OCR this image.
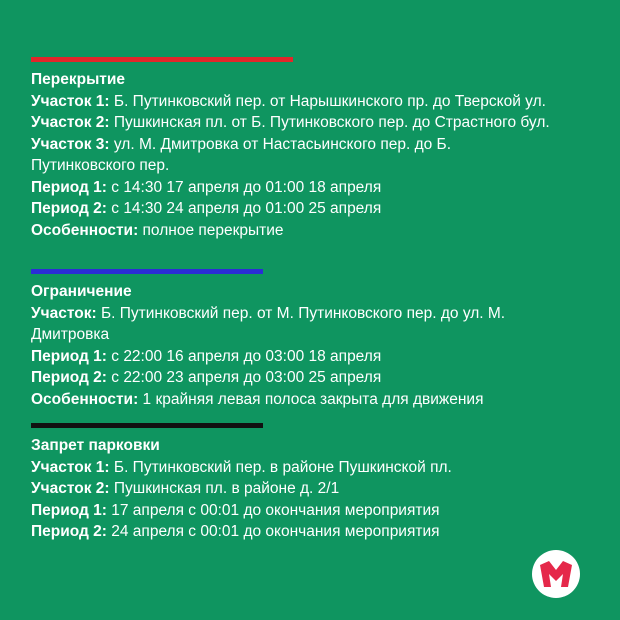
Перекрытие
Участок 1: Б. Путинковский пер. от Нарышкинского пр. до Тверской ул.
Участок 2: Пушкинская пл. от Б. Путинковского пер. до Страстного бул.
Участок 3: ул. М. Дмитровка от Настасьинского пер. до Б. Путинковского пер.
Период 1: с 14:30 17 апреля до 01:00 18 апреля
Период 2: с 14:30 24 апреля до 01:00 25 апреля
Особенности: полное перекрытие
Ограничение
Участок: Б. Путинковский пер. от М. Путинковского пер. до ул. М. Дмитровка
Период 1: с 22:00 16 апреля до 03:00 18 апреля
Период 2: с 22:00 23 апреля до 03:00 25 апреля
Особенности: 1 крайняя левая полоса закрыта для движения
Запрет парковки
Участок 1: Б. Путинковский пер. в районе Пушкинской пл.
Участок 2: Пушкинская пл. в районе д. 2/1
Период 1: 17 апреля с 00:01 до окончания мероприятия
Период 2: 24 апреля с 00:01 до окончания мероприятия
